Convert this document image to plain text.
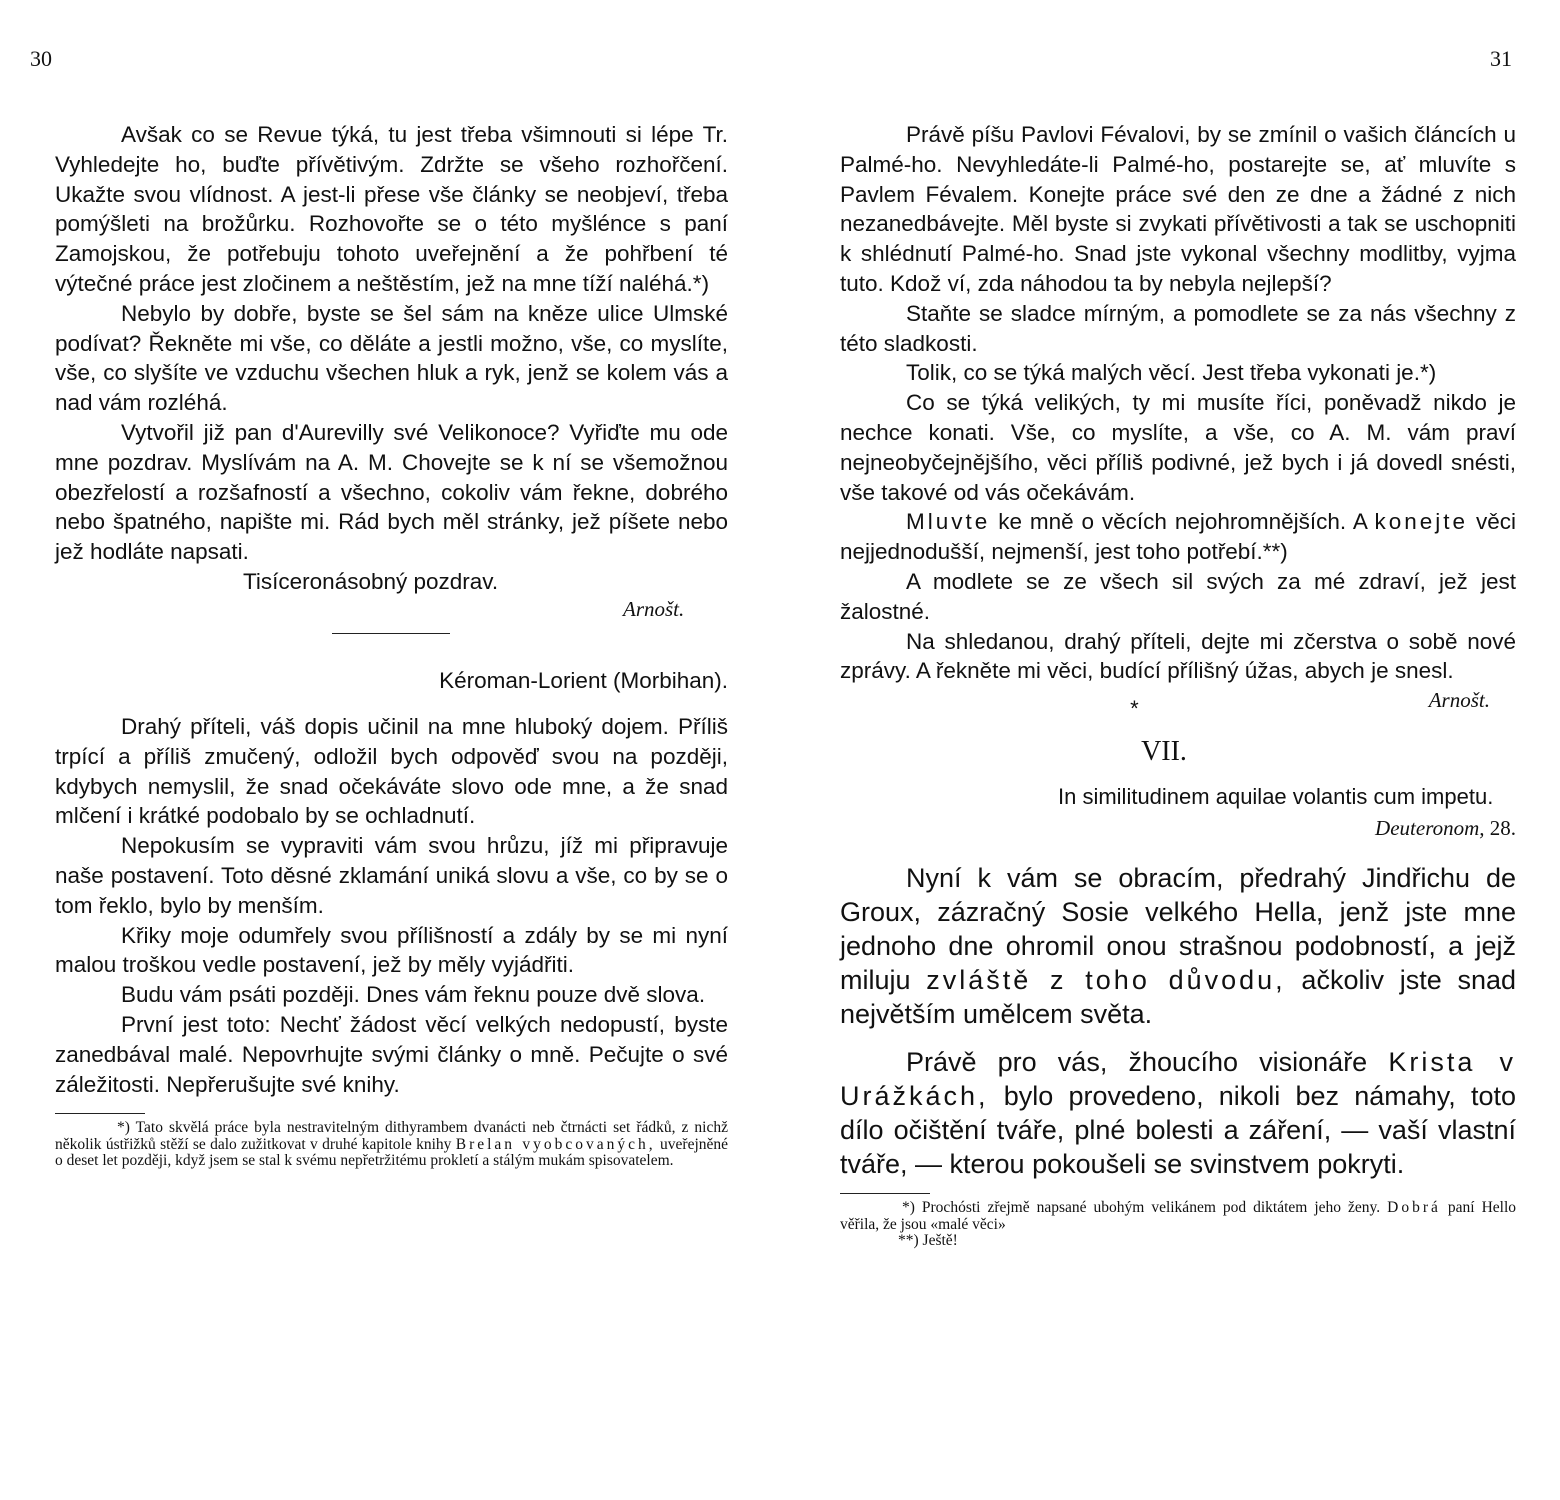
30	31

Avšak co se Revue týká, tu jest třeba všimnouti si lépe Tr. Vyhledejte ho, buďte přívětivým. Zdržte se všeho rozhořčení. Ukažte svou vlídnost. A jest-li přese vše články se neobjeví, třeba pomýšleti na brožůrku. Rozhovořte se o této myšlénce s paní Zamojskou, že potřebuju tohoto uveřejnění a že pohřbení té výtečné práce jest zločinem a neštěstím, jež na mne tíží naléhá.*)

Nebylo by dobře, byste se šel sám na kněze ulice Ulmské podívat? Řekněte mi vše, co děláte a jestli možno, vše, co myslíte, vše, co slyšíte ve vzduchu všechen hluk a ryk, jenž se kolem vás a nad vám rozléhá.

Vytvořil již pan d'Aurevilly své Velikonoce? Vyřiďte mu ode mne pozdrav. Myslívám na A. M. Chovejte se k ní se všemožnou obezřelostí a rozšafností a všechno, cokoliv vám řekne, dobrého nebo špatného, napište mi. Rád bych měl stránky, jež píšete nebo jež hodláte napsati.

Tisíceronásobný pozdrav.
Arnošt.
Kéroman-Lorient (Morbihan).

Drahý příteli, váš dopis učinil na mne hluboký dojem. Příliš trpící a příliš zmučený, odložil bych odpověď svou na později, kdybych nemyslil, že snad očekáváte slovo ode mne, a že snad mlčení i krátké podobalo by se ochladnutí.

Nepokusím se vypraviti vám svou hrůzu, jíž mi připravuje naše postavení. Toto děsné zklamání uniká slovu a vše, co by se o tom řeklo, bylo by menším.

Křiky moje odumřely svou přílišností a zdály by se mi nyní malou troškou vedle postavení, jež by měly vyjádřiti.

Budu vám psáti později. Dnes vám řeknu pouze dvě slova.

První jest toto: Nechť žádost věcí velkých nedopustí, byste zanedbával malé. Nepovrhujte svými články o mně. Pečujte o své záležitosti. Nepřerušujte své knihy.

*) Tato skvělá práce byla nestravitelným dithyrambem dvanácti neb čtrnácti set řádků, z nichž několik ústřižků stěží se dalo zužitkovat v druhé kapitole knihy Brelan vyobcovaných, uveřejněné o deset let později, když jsem se stal k svému nepřetržitému prokletí a stálým mukám spisovatelem.

Právě píšu Pavlovi Févalovi, by se zmínil o vašich článcích u Palmé-ho. Nevyhledáte-li Palmé-ho, postarejte se, ať mluvíte s Pavlem Févalem. Konejte práce své den ze dne a žádné z nich nezanedbávejte. Měl byste si zvykati přívětivosti a tak se uschopniti k shlédnutí Palmé-ho. Snad jste vykonal všechny modlitby, vyjma tuto. Kdož ví, zda náhodou ta by nebyla nejlepší?

Staňte se sladce mírným, a pomodlete se za nás všechny z této sladkosti.

Tolik, co se týká malých věcí. Jest třeba vykonati je.*)

Co se týká velikých, ty mi musíte říci, poněvadž nikdo je nechce konati. Vše, co myslíte, a vše, co A. M. vám praví nejneobyčejnějšího, věci příliš podivné, jež bych i já dovedl snésti, vše takové od vás očekávám.

Mluvte ke mně o věcích nejohromnějších. A konejte věci nejjednodušší, nejmenší, jest toho potřebí.**)

A modlete se ze všech sil svých za mé zdraví, jež jest žalostné.

Na shledanou, drahý příteli, dejte mi zčerstva o sobě nové zprávy. A řekněte mi věci, budící přílišný úžas, abych je snesl.
Arnošt.

*
VII.
In similitudinem aquilae volantis cum impetu.
Deuteronom, 28.

Nyní k vám se obracím, předrahý Jindřichu de Groux, zázračný Sosie velkého Hella, jenž jste mne jednoho dne ohromil onou strašnou podobností, a jejž miluju zvláště z toho důvodu, ačkoliv jste snad největším umělcem světa.

Právě pro vás, žhoucího visionáře Krista v Urážkách, bylo provedeno, nikoli bez námahy, toto dílo očištění tváře, plné bolesti a záření, — vaší vlastní tváře, — kterou pokoušeli se svinstvem pokryti.

*) Prochósti zřejmě napsané ubohým velikánem pod diktátem jeho ženy. Dobrá paní Hello věřila, že jsou «malé věci»

**) Ještě!
